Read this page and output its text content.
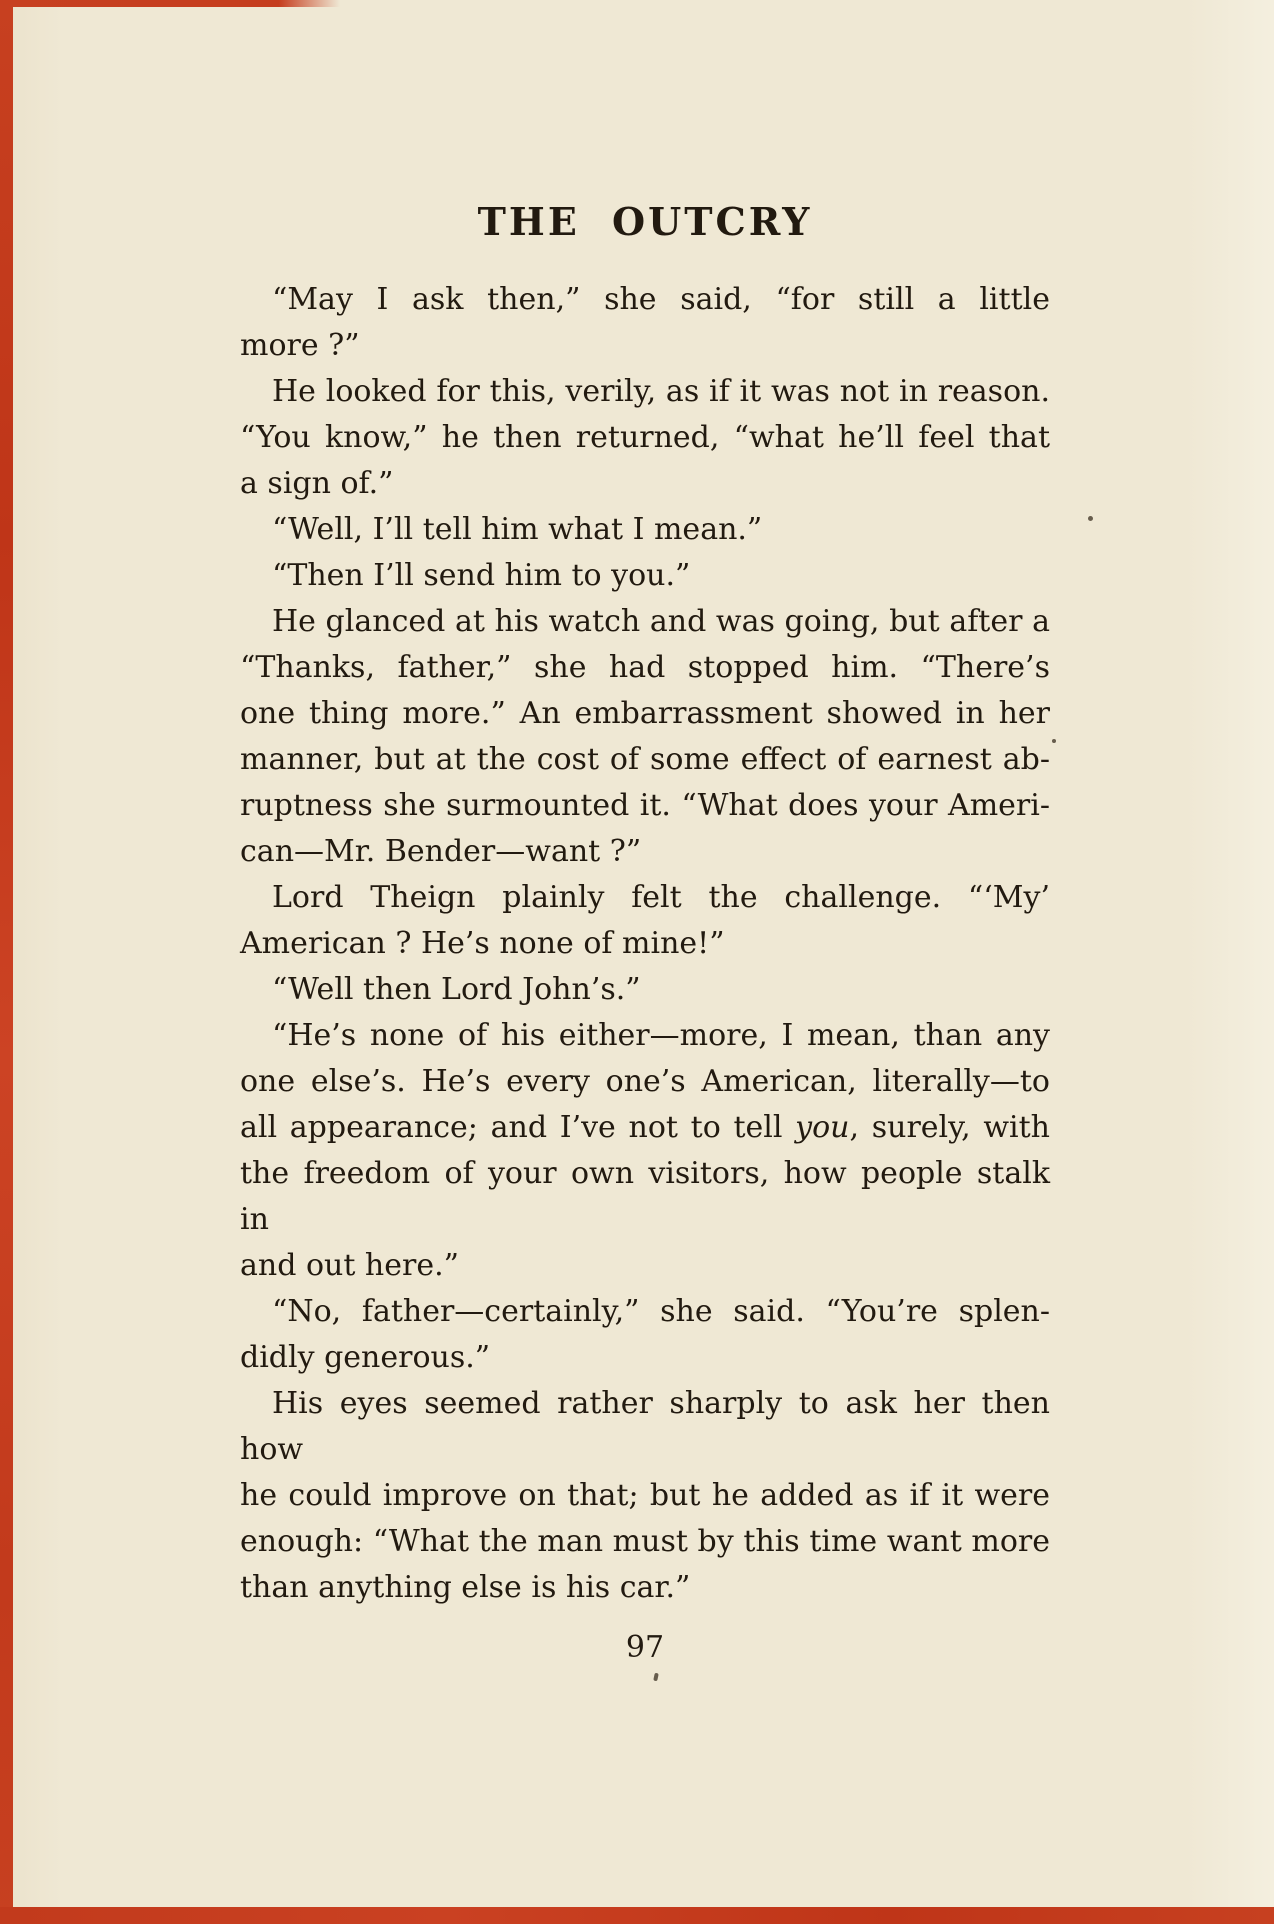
THE OUTCRY
“May I ask then,” she said, “for still a little
more ?”
He looked for this, verily, as if it was not in reason.
“You know,” he then returned, “what he’ll feel that
a sign of.”
“Well, I’ll tell him what I mean.”
“Then I’ll send him to you.”
He glanced at his watch and was going, but after a
“Thanks, father,” she had stopped him. “There’s
one thing more.” An embarrassment showed in her
manner, but at the cost of some effect of earnest ab-
ruptness she surmounted it. “What does your Ameri-
can—Mr. Bender—want ?”
Lord Theign plainly felt the challenge. “‘My’
American ? He’s none of mine!”
“Well then Lord John’s.”
“He’s none of his either—more, I mean, than any
one else’s. He’s every one’s American, literally—to
all appearance; and I’ve not to tell you, surely, with
the freedom of your own visitors, how people stalk in
and out here.”
“No, father—certainly,” she said. “You’re splen-
didly generous.”
His eyes seemed rather sharply to ask her then how
he could improve on that; but he added as if it were
enough: “What the man must by this time want more
than anything else is his car.”
97
